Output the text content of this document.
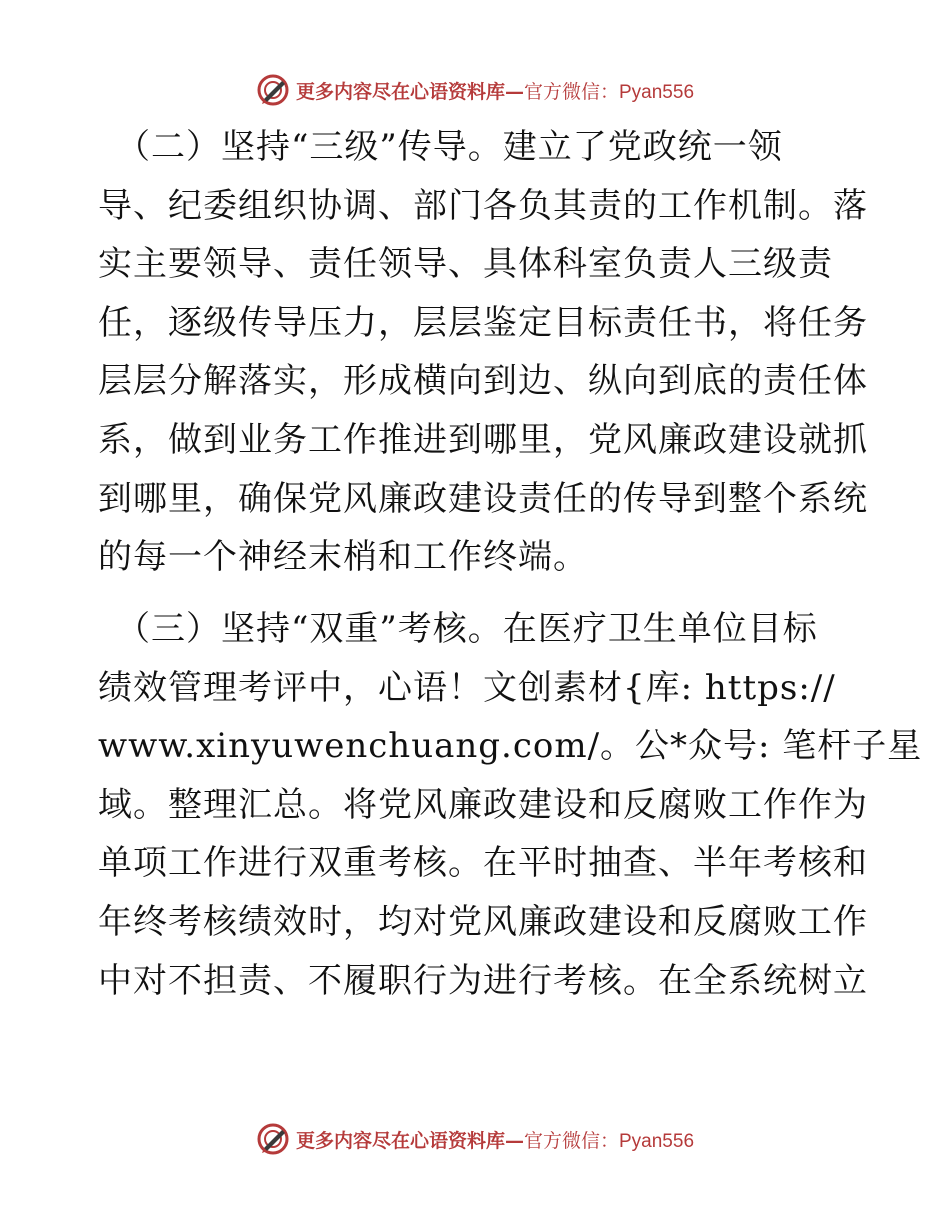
更多内容尽在心语资料库—官方微信：Pyan556
（二）坚持“三级”传导。建立了党政统一领
导、纪委组织协调、部门各负其责的工作机制。落
实主要领导、责任领导、具体科室负责人三级责
任，逐级传导压力，层层鉴定目标责任书，将任务
层层分解落实，形成横向到边、纵向到底的责任体
系，做到业务工作推进到哪里，党风廉政建设就抓
到哪里，确保党风廉政建设责任的传导到整个系统
的每一个神经末梢和工作终端。
（三）坚持“双重”考核。在医疗卫生单位目标
绩效管理考评中，心语！文创素材{库: https://
www.xinyuwenchuang.com/。公*众号: 笔杆子星
域。整理汇总。将党风廉政建设和反腐败工作作为
单项工作进行双重考核。在平时抽查、半年考核和
年终考核绩效时，均对党风廉政建设和反腐败工作
中对不担责、不履职行为进行考核。在全系统树立
更多内容尽在心语资料库—官方微信：Pyan556
